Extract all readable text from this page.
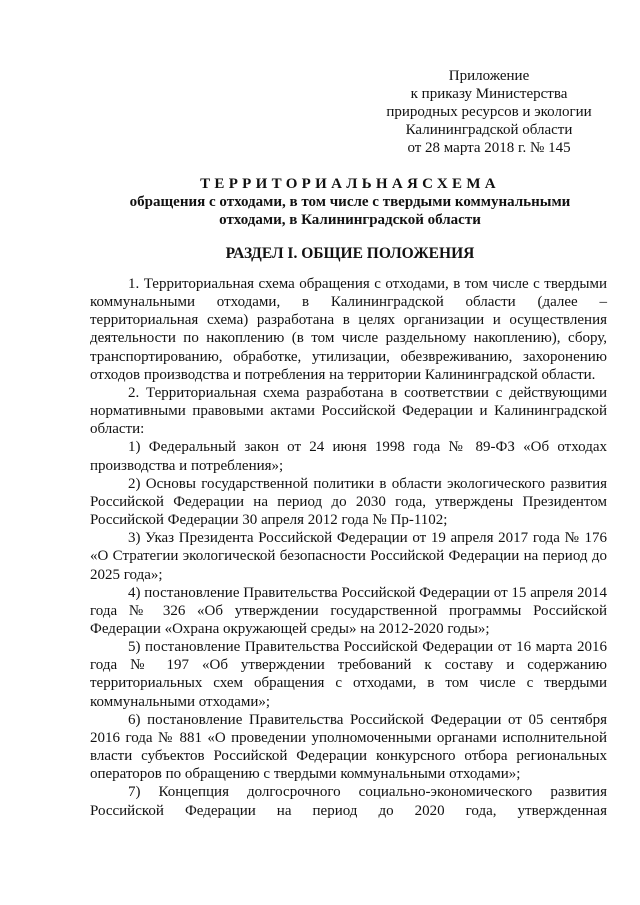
Приложение
к приказу Министерства
природных ресурсов и экологии
Калининградской области
от 28 марта 2018 г. № 145
ТЕРРИТОРИАЛЬНАЯСХЕМА
обращения с отходами, в том числе с твердыми коммунальными
отходами, в Калининградской области
РАЗДЕЛ I. ОБЩИЕ ПОЛОЖЕНИЯ

1. Территориальная схема обращения с отходами, в том числе с твердыми коммунальными отходами, в Калининградской области (далее – территориальная схема) разработана в целях организации и осуществления деятельности по накоплению (в том числе раздельному накоплению), сбору, транспортированию, обработке, утилизации, обезвреживанию, захоронению отходов производства и потребления на территории Калининградской области.

2. Территориальная схема разработана в соответствии с действующими нормативными правовыми актами Российской Федерации и Калининградской области:

1) Федеральный закон от 24 июня 1998 года № 89-ФЗ «Об отходах производства и потребления»;

2) Основы государственной политики в области экологического развития Российской Федерации на период до 2030 года, утверждены Президентом Российской Федерации 30 апреля 2012 года № Пр-1102;

3) Указ Президента Российской Федерации от 19 апреля 2017 года № 176 «О Стратегии экологической безопасности Российской Федерации на период до 2025 года»;

4) постановление Правительства Российской Федерации от 15 апреля 2014 года № 326 «Об утверждении государственной программы Российской Федерации «Охрана окружающей среды» на 2012-2020 годы»;

5) постановление Правительства Российской Федерации от 16 марта 2016 года № 197 «Об утверждении требований к составу и содержанию территориальных схем обращения с отходами, в том числе с твердыми коммунальными отходами»;

6) постановление Правительства Российской Федерации от 05 сентября 2016 года № 881 «О проведении уполномоченными органами исполнительной власти субъектов Российской Федерации конкурсного отбора региональных операторов по обращению с твердыми коммунальными отходами»;

7) Концепция долгосрочного социально-экономического развития Российской Федерации на период до 2020 года, утвержденная
